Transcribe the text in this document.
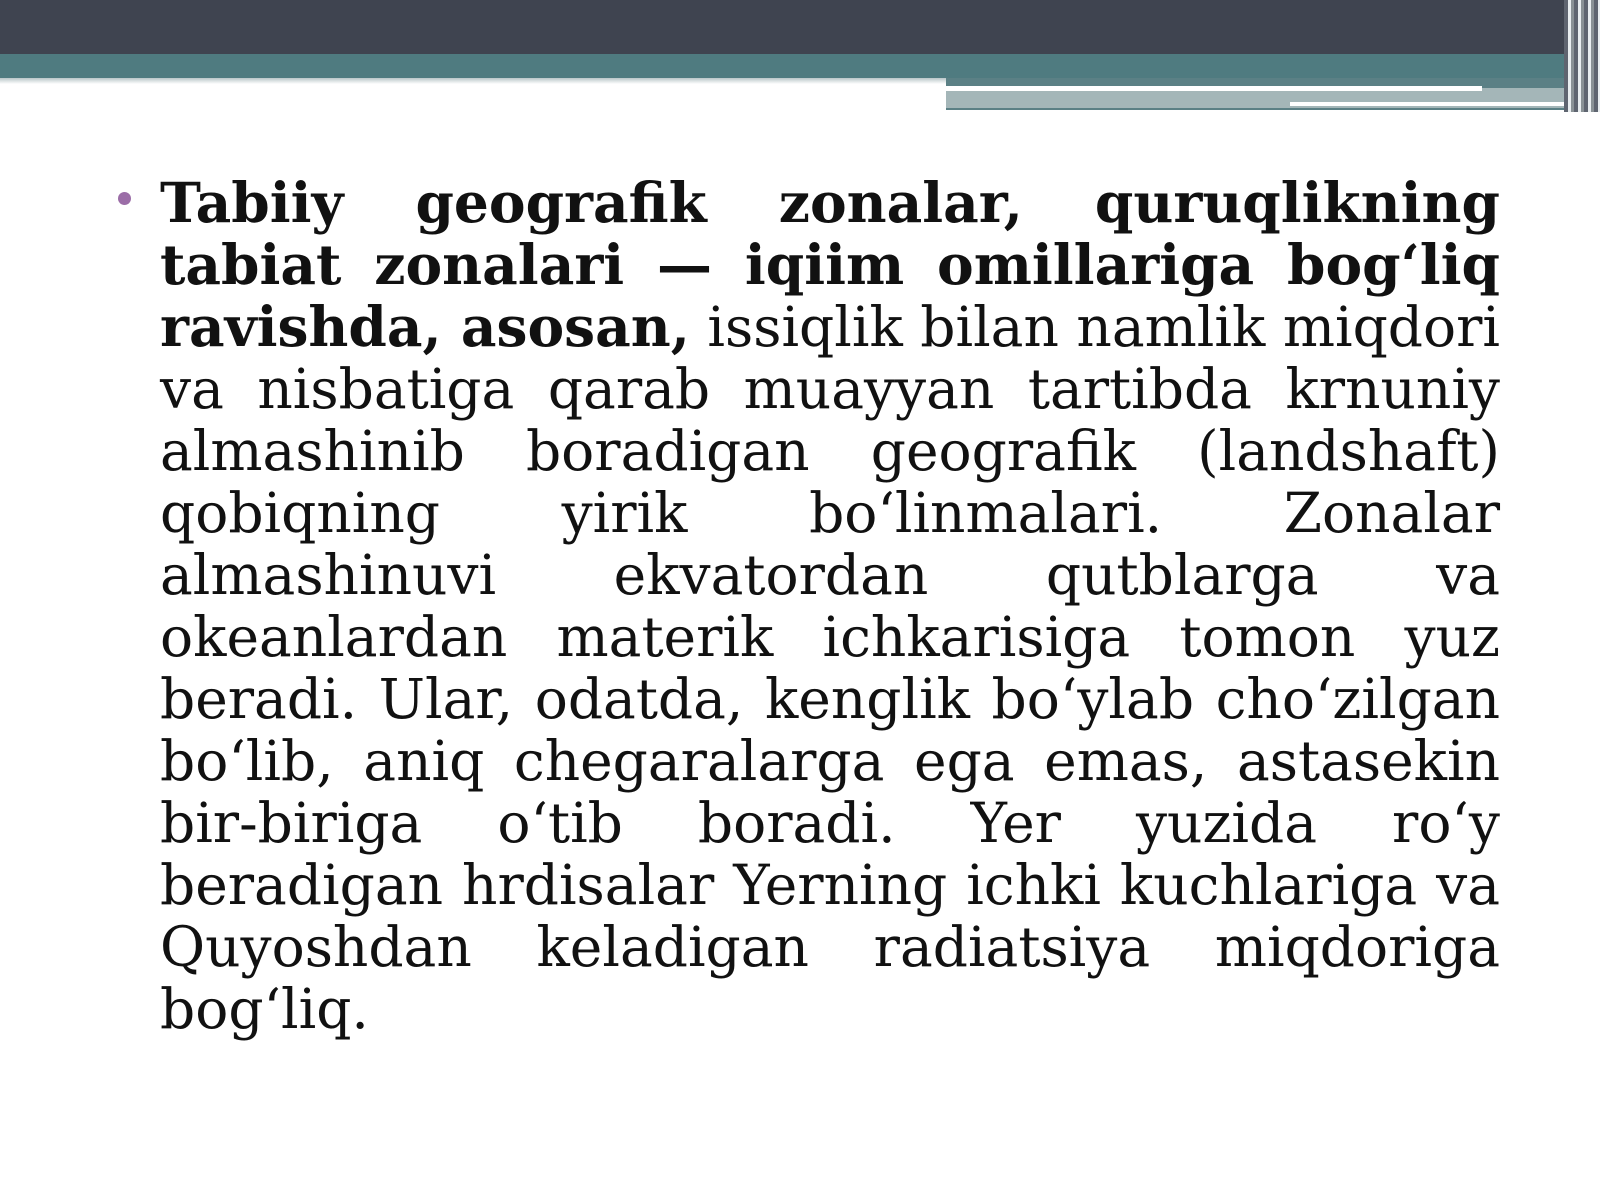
Tabiiy geografik zonalar, quruqlikning tabiat zonalari — iqiim omillariga bog‘liq ravishda, asosan, issiqlik bilan namlik miqdori va nisbatiga qarab muayyan tartibda krnuniy almashinib boradigan geografik (landshaft) qobiqning yirik bo‘linmalari. Zonalar almashinuvi ekvatordan qutblarga va okeanlardan materik ichkarisiga tomon yuz beradi. Ular, odatda, kenglik bo‘ylab cho‘zilgan bo‘lib, aniq chegaralarga ega emas, astasekin bir-biriga o‘tib boradi. Yer yuzida ro‘y beradigan hrdisalar Yerning ichki kuchlariga va Quyoshdan keladigan radiatsiya miqdoriga bog‘liq.
